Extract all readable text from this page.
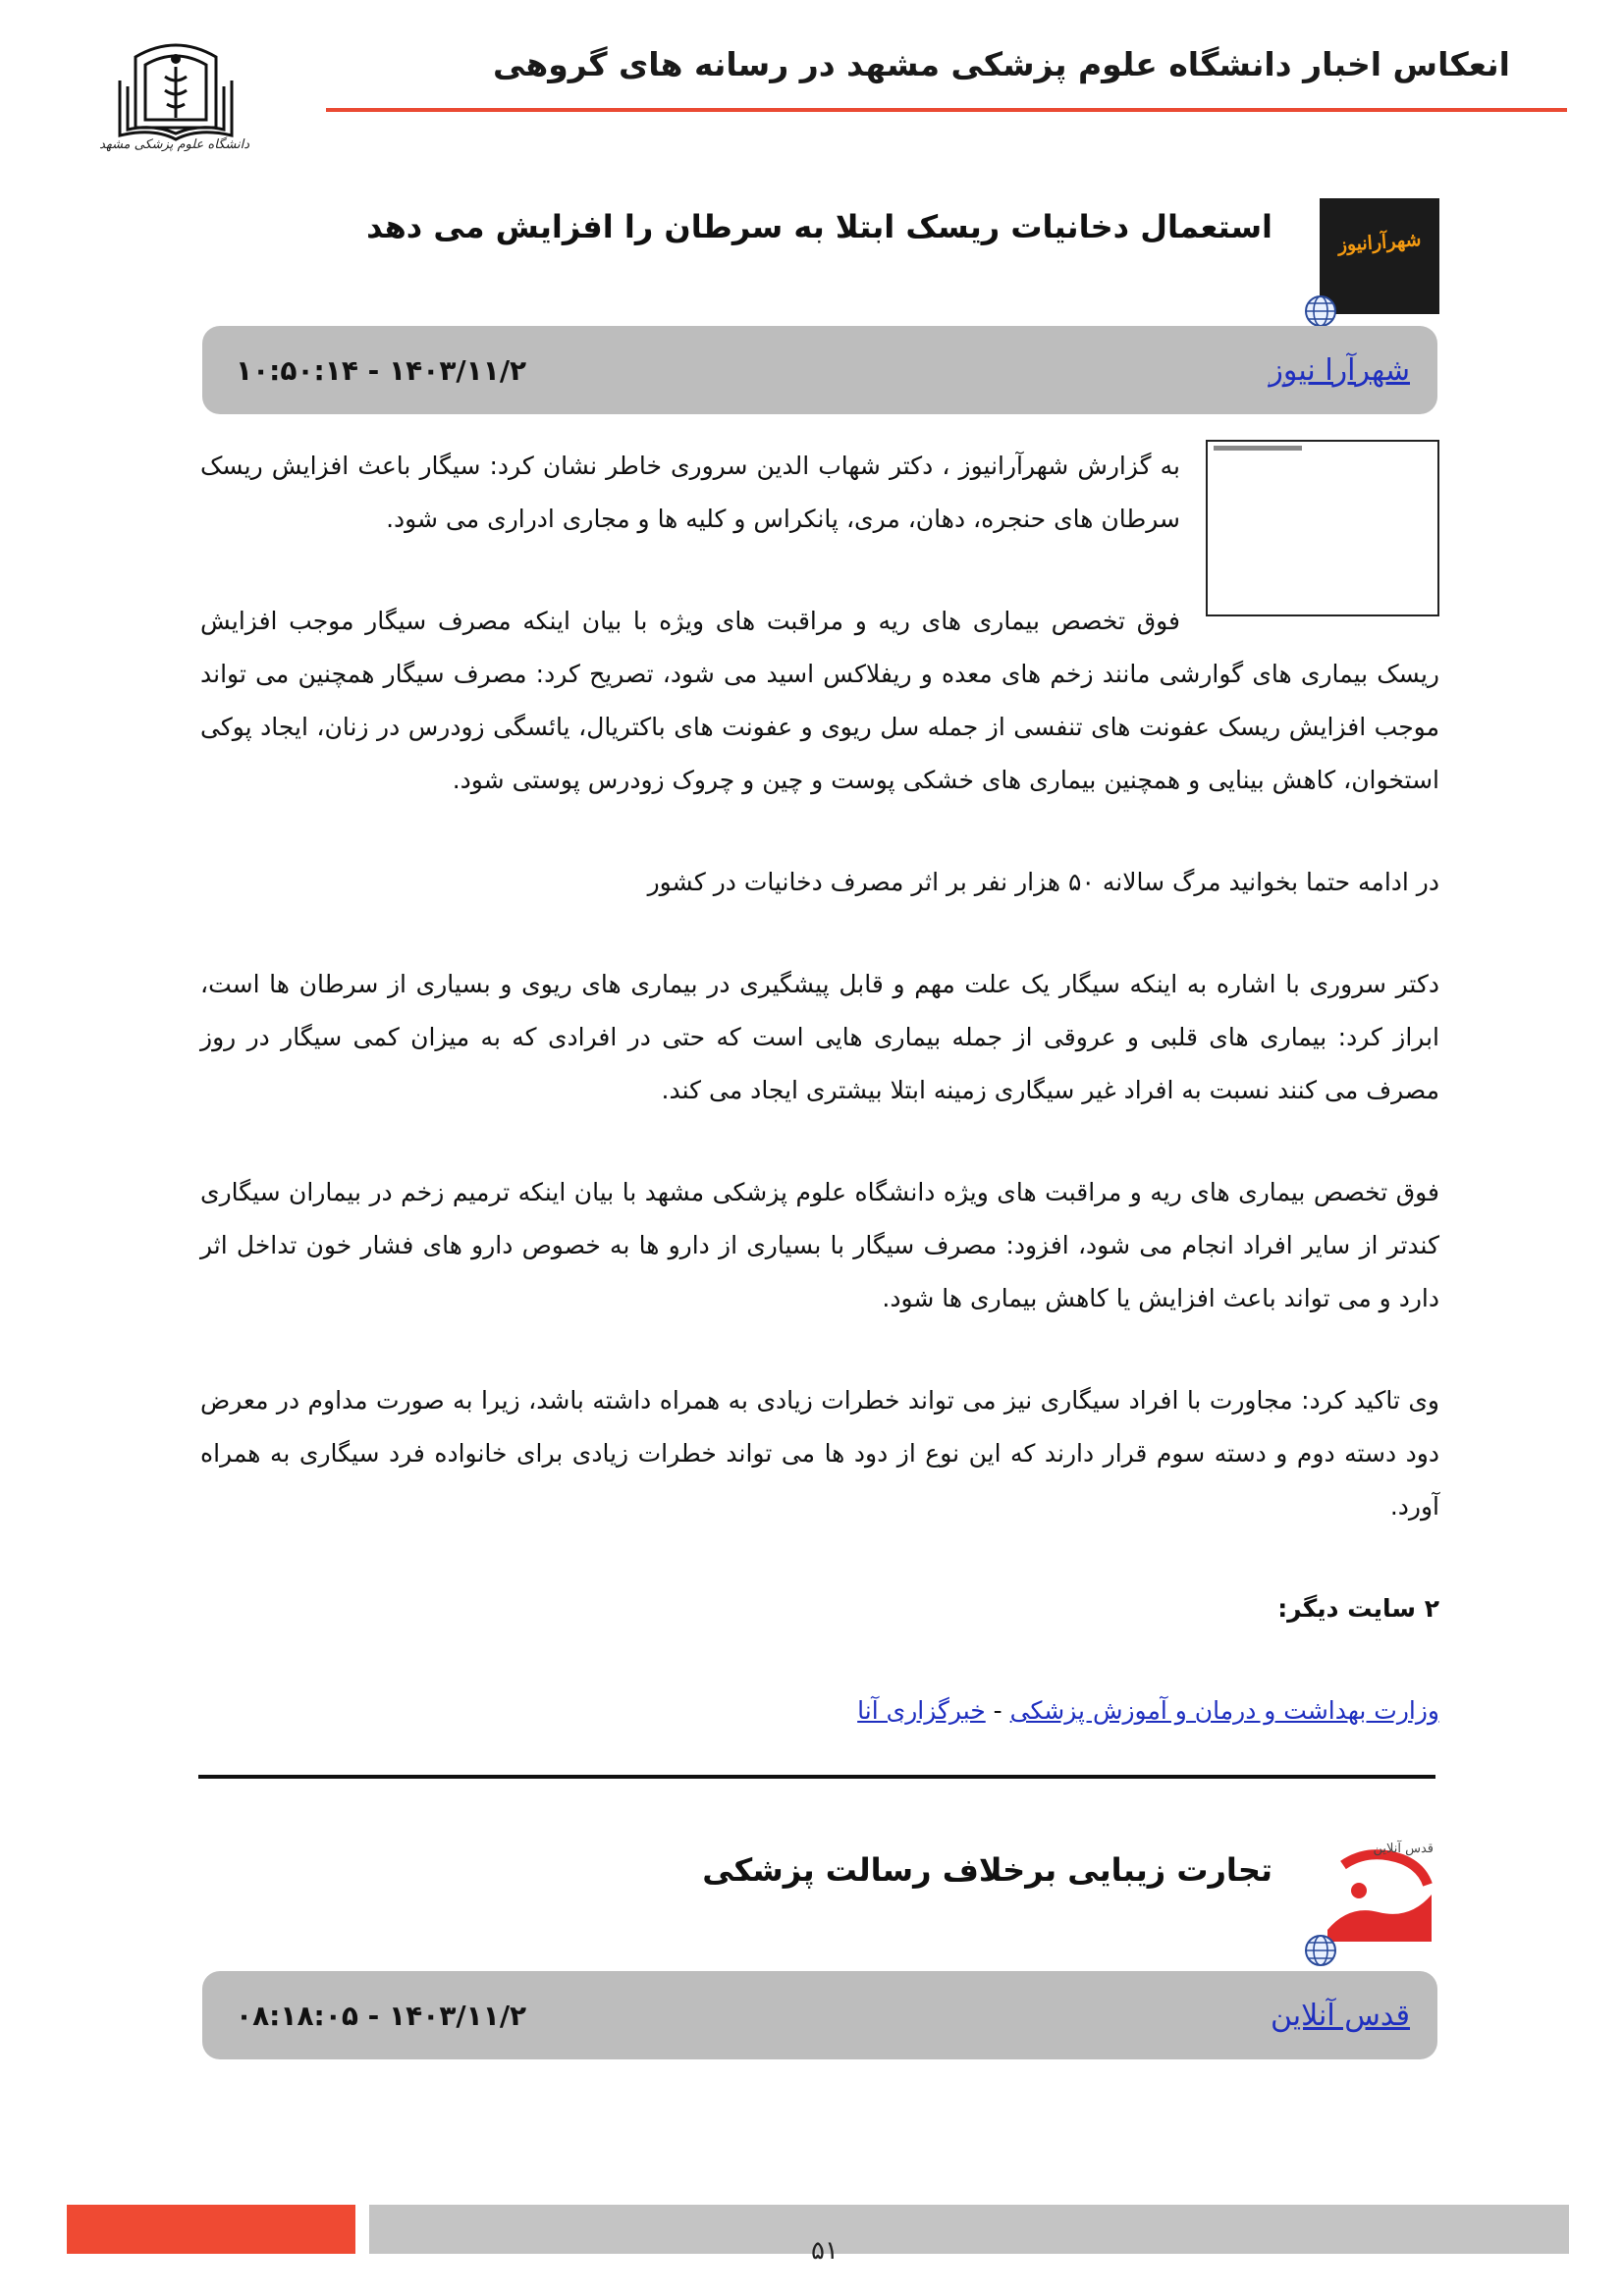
انعکاس اخبار دانشگاه علوم پزشکی مشهد در رسانه های گروهی
دانشگاه علوم پزشکی مشهد
شهرآرانیوز
استعمال دخانیات ریسک ابتلا به سرطان را افزایش می دهد
شهرآرا نیوز
۱۰:۵۰:۱۴ - ۱۴۰۳/۱۱/۲

به گزارش شهرآرانیوز ، دکتر شهاب الدین سروری خاطر نشان کرد: سیگار باعث افزایش ریسک سرطان های حنجره، دهان، مری، پانکراس و کلیه ها و مجاری ادراری می شود.

فوق تخصص بیماری های ریه و مراقبت های ویژه با بیان اینکه مصرف سیگار موجب افزایش ریسک بیماری های گوارشی مانند زخم های معده و ریفلاکس اسید می شود، تصریح کرد: مصرف سیگار همچنین می تواند موجب افزایش ریسک عفونت های تنفسی از جمله سل ریوی و عفونت های باکتریال، یائسگی زودرس در زنان، ایجاد پوکی استخوان، کاهش بینایی و همچنین بیماری های خشکی پوست و چین و چروک زودرس پوستی شود.

در ادامه حتما بخوانید مرگ سالانه ۵۰ هزار نفر بر اثر مصرف دخانیات در کشور

دکتر سروری با اشاره به اینکه سیگار یک علت مهم و قابل پیشگیری در بیماری های ریوی و بسیاری از سرطان ها است، ابراز کرد: بیماری های قلبی و عروقی از جمله بیماری هایی است که حتی در افرادی که به میزان کمی سیگار در روز مصرف می کنند نسبت به افراد غیر سیگاری زمینه ابتلا بیشتری ایجاد می کند.

فوق تخصص بیماری های ریه و مراقبت های ویژه دانشگاه علوم پزشکی مشهد با بیان اینکه ترمیم زخم در بیماران سیگاری کندتر از سایر افراد انجام می شود، افزود: مصرف سیگار با بسیاری از دارو ها به خصوص دارو های فشار خون تداخل اثر دارد و می تواند باعث افزایش یا کاهش بیماری ها شود.

وی تاکید کرد: مجاورت با افراد سیگاری نیز می تواند خطرات زیادی به همراه داشته باشد، زیرا به صورت مداوم در معرض دود دسته دوم و دسته سوم قرار دارند که این نوع از دود ها می تواند خطرات زیادی برای خانواده فرد سیگاری به همراه آورد.

۲ سایت دیگر:

وزارت بهداشت و درمان و آموزش پزشکی - خبرگزاری آنا

قدس آنلاین
تجارت زیبایی برخلاف رسالت پزشکی
قدس آنلاین
۰۸:۱۸:۰۵ - ۱۴۰۳/۱۱/۲
۵۱
